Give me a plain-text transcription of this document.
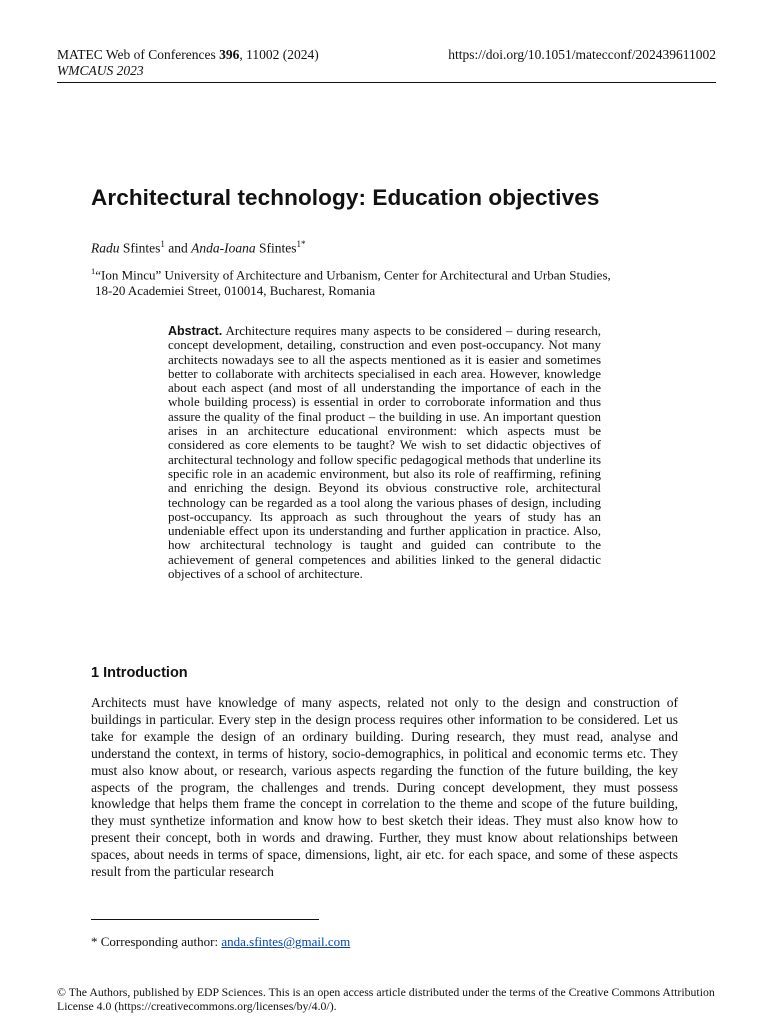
MATEC Web of Conferences 396, 11002 (2024)
WMCAUS 2023
https://doi.org/10.1051/matecconf/202439611002
Architectural technology: Education objectives
Radu Sfintes$^1$ and Anda-Ioana Sfintes$^{1*}$
$^1$“Ion Mincu” University of Architecture and Urbanism, Center for Architectural and Urban Studies,
18-20 Academiei Street, 010014, Bucharest, Romania
Abstract. Architecture requires many aspects to be considered – during research, concept development, detailing, construction and even post-occupancy. Not many architects nowadays see to all the aspects mentioned as it is easier and sometimes better to collaborate with architects specialised in each area. However, knowledge about each aspect (and most of all understanding the importance of each in the whole building process) is essential in order to corroborate information and thus assure the quality of the final product – the building in use. An important question arises in an architecture educational environment: which aspects must be considered as core elements to be taught? We wish to set didactic objectives of architectural technology and follow specific pedagogical methods that underline its specific role in an academic environment, but also its role of reaffirming, refining and enriching the design. Beyond its obvious constructive role, architectural technology can be regarded as a tool along the various phases of design, including post-occupancy. Its approach as such throughout the years of study has an undeniable effect upon its understanding and further application in practice. Also, how architectural technology is taught and guided can contribute to the achievement of general competences and abilities linked to the general didactic objectives of a school of architecture.
1 Introduction
Architects must have knowledge of many aspects, related not only to the design and construction of buildings in particular. Every step in the design process requires other information to be considered. Let us take for example the design of an ordinary building. During research, they must read, analyse and understand the context, in terms of history, socio-demographics, in political and economic terms etc. They must also know about, or research, various aspects regarding the function of the future building, the key aspects of the program, the challenges and trends. During concept development, they must possess knowledge that helps them frame the concept in correlation to the theme and scope of the future building, they must synthetize information and know how to best sketch their ideas. They must also know how to present their concept, both in words and drawing. Further, they must know about relationships between spaces, about needs in terms of space, dimensions, light, air etc. for each space, and some of these aspects result from the particular research
* Corresponding author: anda.sfintes@gmail.com
© The Authors, published by EDP Sciences. This is an open access article distributed under the terms of the Creative Commons Attribution License 4.0 (https://creativecommons.org/licenses/by/4.0/).
